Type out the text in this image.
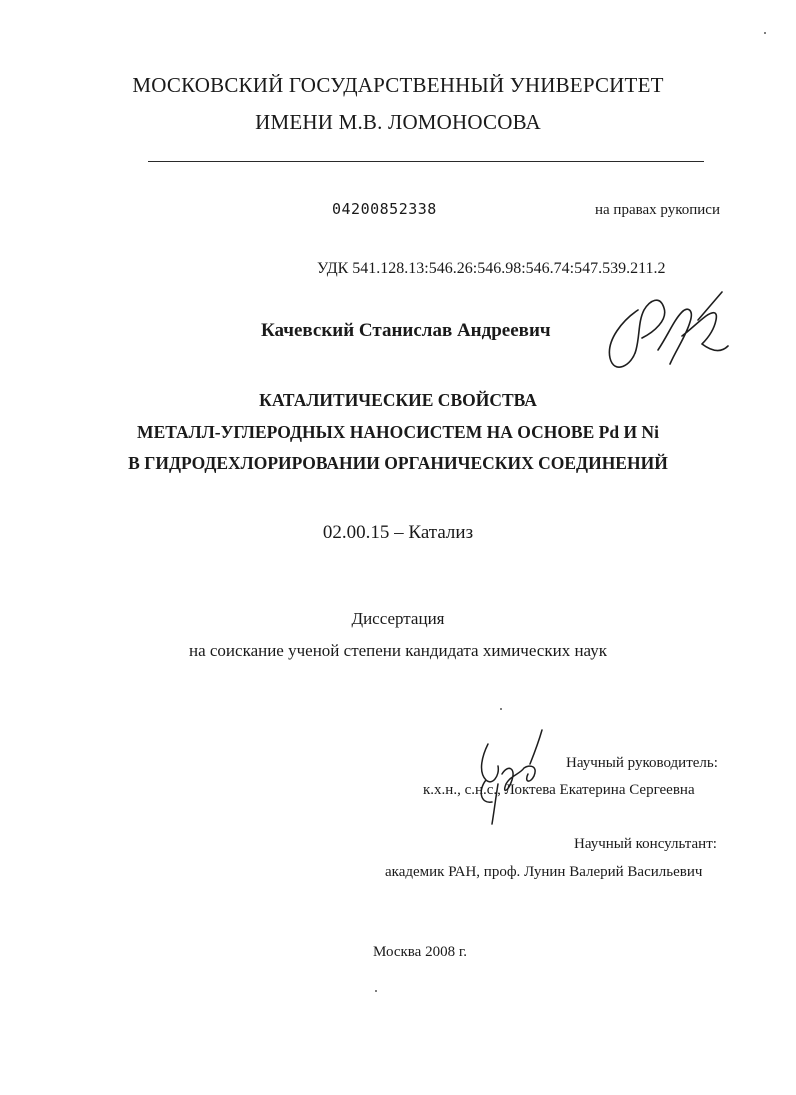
МОСКОВСКИЙ ГОСУДАРСТВЕННЫЙ УНИВЕРСИТЕТ
ИМЕНИ М.В. ЛОМОНОСОВА
04200852338	на правах рукописи
УДК 541.128.13:546.26:546.98:546.74:547.539.211.2
Качевский Станислав Андреевич
КАТАЛИТИЧЕСКИЕ СВОЙСТВА
МЕТАЛЛ-УГЛЕРОДНЫХ НАНОСИСТЕМ НА ОСНОВЕ Pd И Ni
В ГИДРОДЕХЛОРИРОВАНИИ ОРГАНИЧЕСКИХ СОЕДИНЕНИЙ
02.00.15 – Катализ
Диссертация
на соискание ученой степени кандидата химических наук
Научный руководитель:
к.х.н., с.н.с., Локтева Екатерина Сергеевна
Научный консультант:
академик РАН, проф. Лунин Валерий Васильевич
Москва 2008 г.
